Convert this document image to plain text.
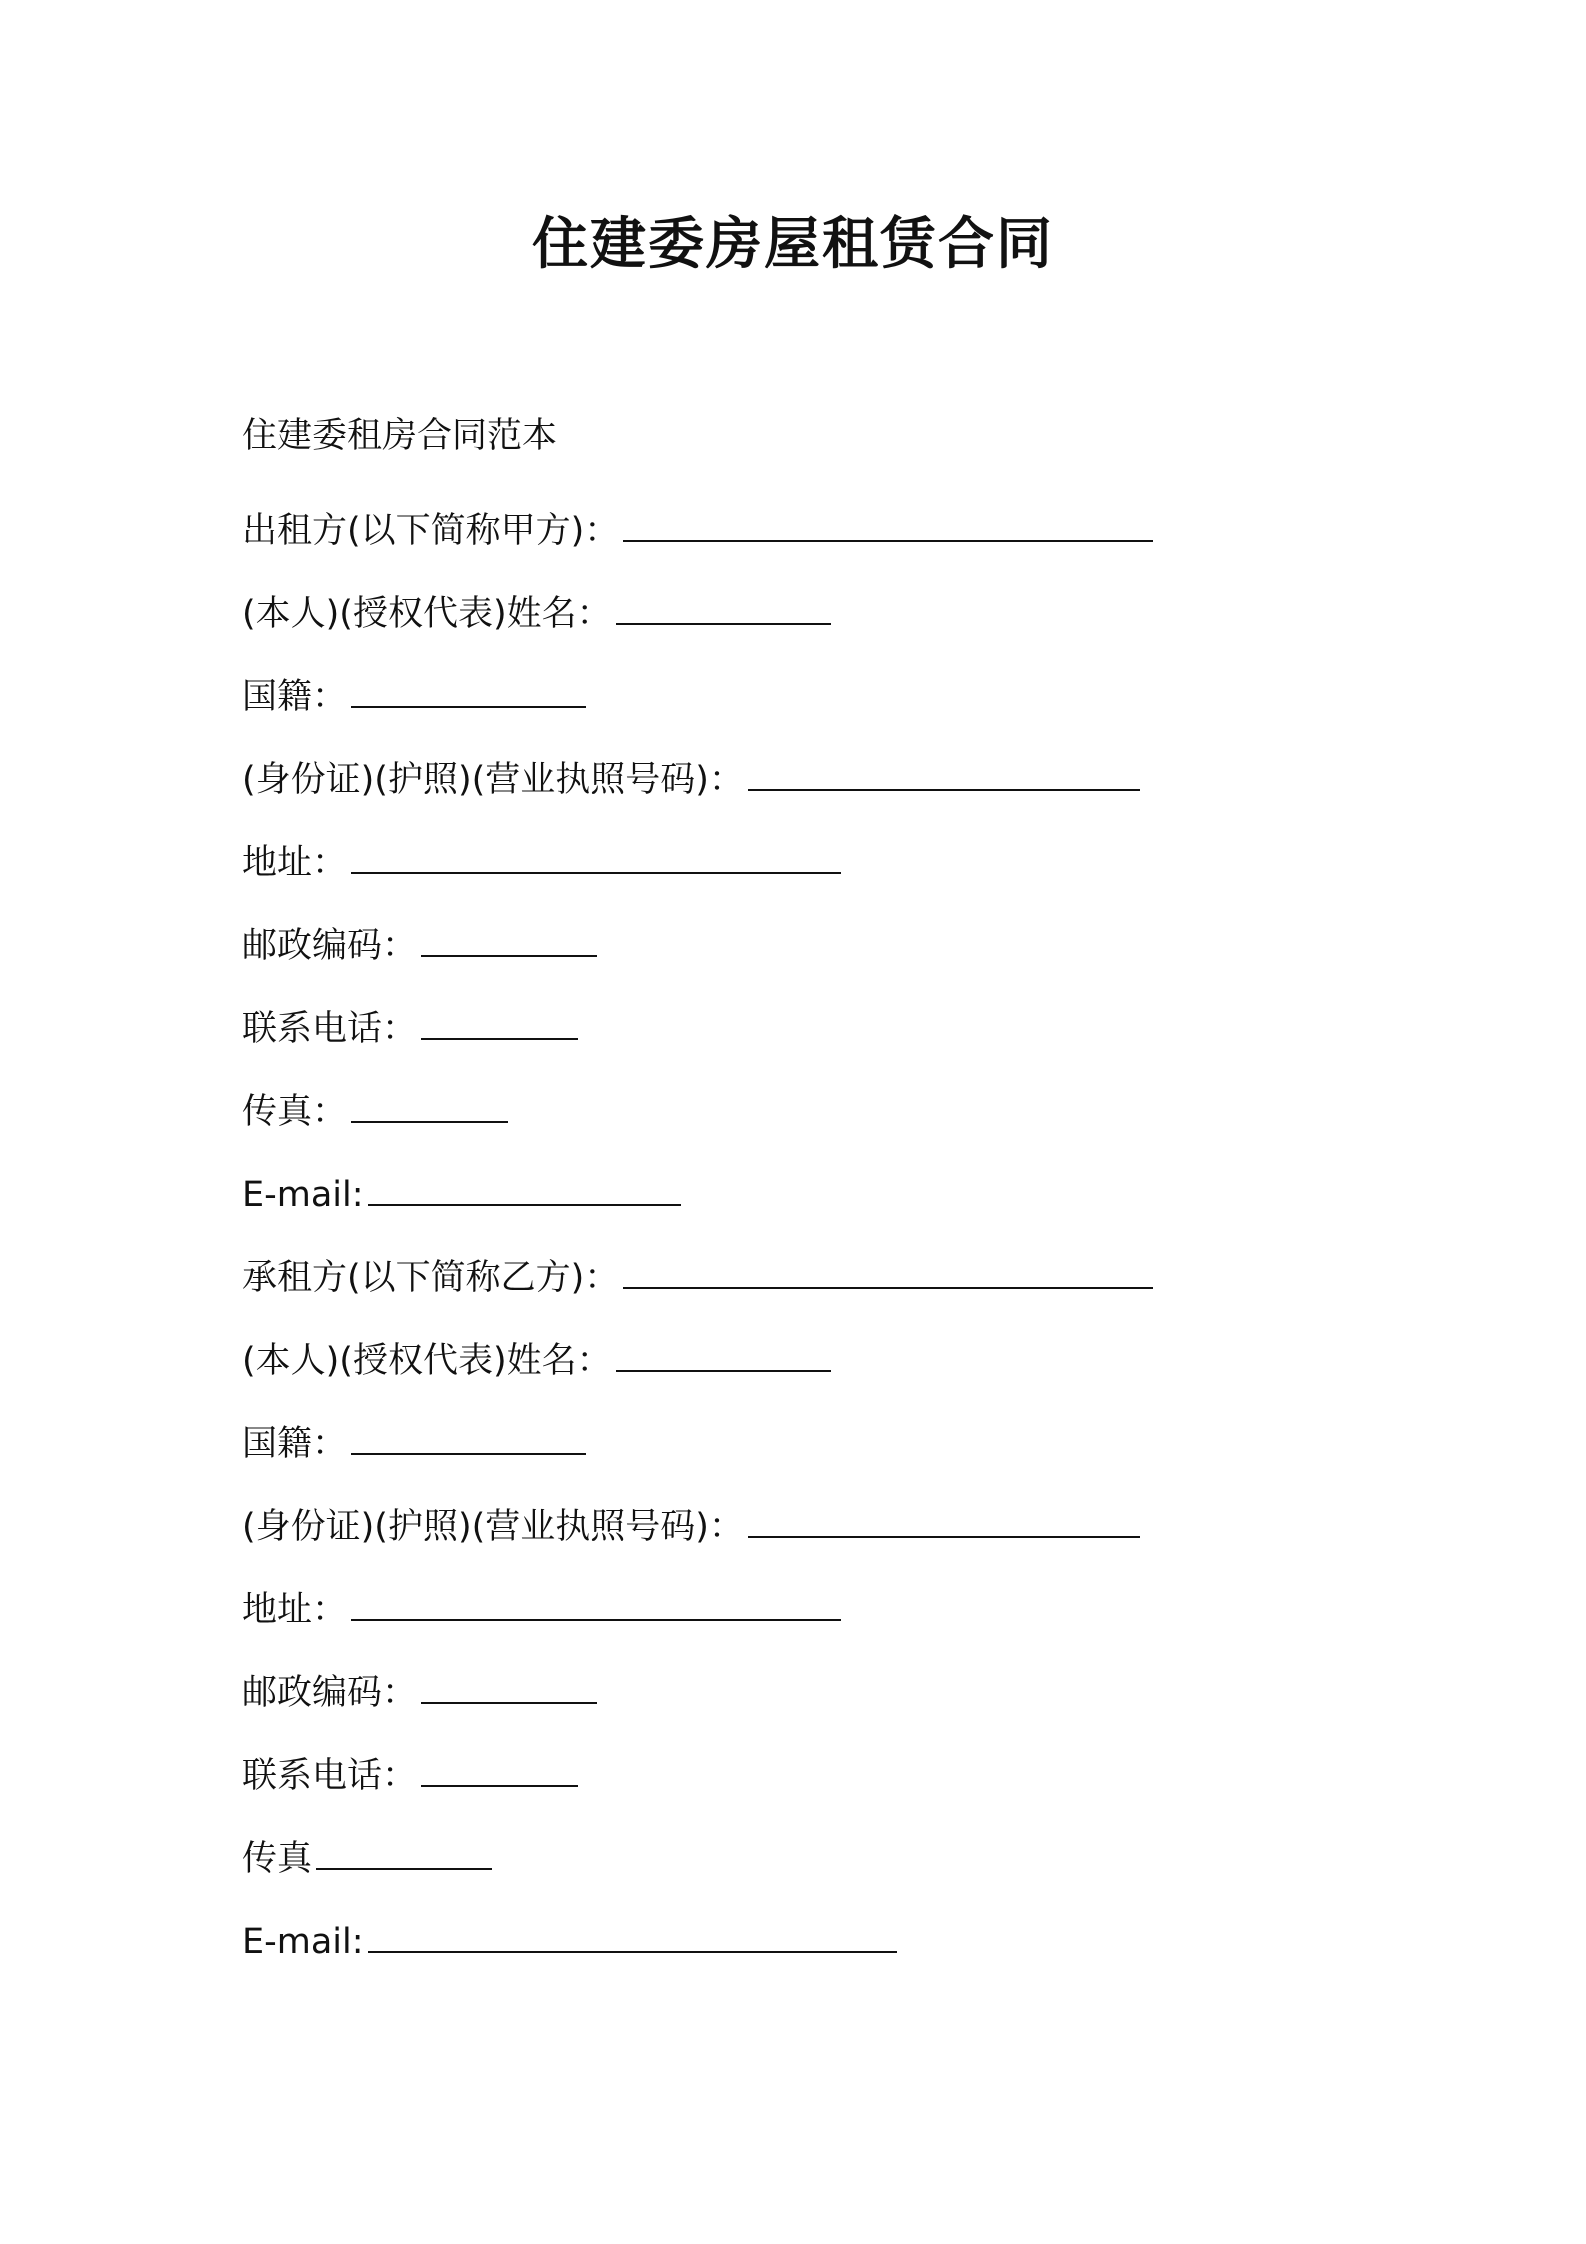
住建委房屋租赁合同
住建委租房合同范本
出租方(以下简称甲方)：
(本人)(授权代表)姓名：
国籍：
(身份证)(护照)(营业执照号码)：
地址：
邮政编码：
联系电话：
传真：
E-mail:
承租方(以下简称乙方)：
(本人)(授权代表)姓名：
国籍：
(身份证)(护照)(营业执照号码)：
地址：
邮政编码：
联系电话：
传真
E-mail:
